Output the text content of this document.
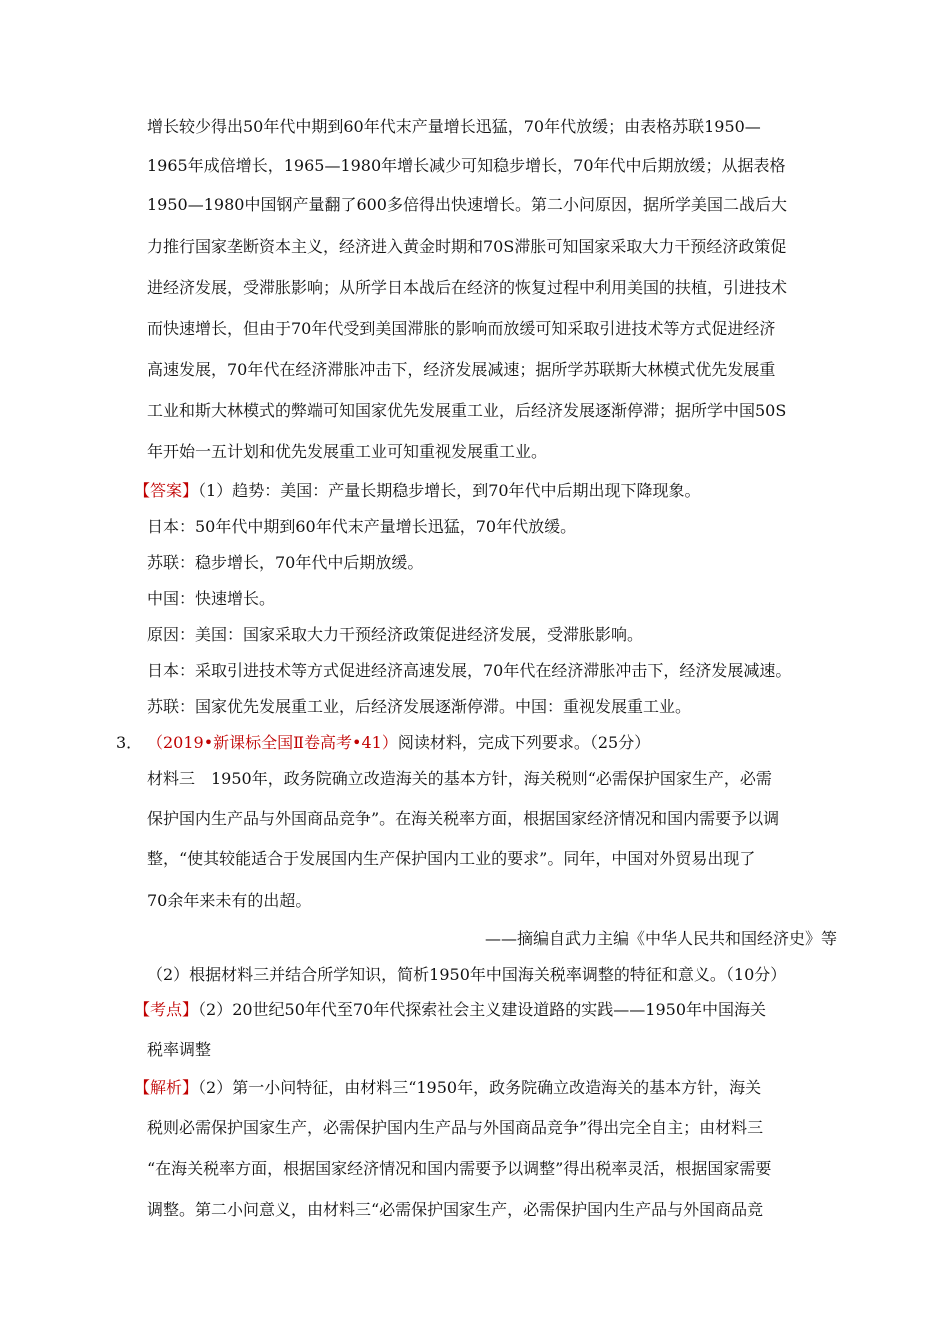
增长较少得出50年代中期到60年代末产量增长迅猛，70年代放缓；由表格苏联1950—
1965年成倍增长，1965—1980年增长减少可知稳步增长，70年代中后期放缓；从据表格
1950—1980中国钢产量翻了600多倍得出快速增长。第二小问原因，据所学美国二战后大
力推行国家垄断资本主义，经济进入黄金时期和70S滞胀可知国家采取大力干预经济政策促
进经济发展，受滞胀影响；从所学日本战后在经济的恢复过程中利用美国的扶植，引进技术
而快速增长，但由于70年代受到美国滞胀的影响而放缓可知采取引进技术等方式促进经济
高速发展，70年代在经济滞胀冲击下，经济发展减速；据所学苏联斯大林模式优先发展重
工业和斯大林模式的弊端可知国家优先发展重工业，后经济发展逐渐停滞；据所学中国50S
年开始一五计划和优先发展重工业可知重视发展重工业。
【答案】（1）趋势：美国：产量长期稳步增长，到70年代中后期出现下降现象。
日本：50年代中期到60年代末产量增长迅猛，70年代放缓。
苏联：稳步增长，70年代中后期放缓。
中国：快速增长。
原因：美国：国家采取大力干预经济政策促进经济发展，受滞胀影响。
日本：采取引进技术等方式促进经济高速发展，70年代在经济滞胀冲击下，经济发展减速。
苏联：国家优先发展重工业，后经济发展逐渐停滞。中国：重视发展重工业。
3． （2019•新课标全国Ⅱ卷高考•41）阅读材料，完成下列要求。（25分）
材料三　1950年，政务院确立改造海关的基本方针，海关税则“必需保护国家生产，必需
保护国内生产品与外国商品竞争”。在海关税率方面，根据国家经济情况和国内需要予以调
整，“使其较能适合于发展国内生产保护国内工业的要求”。同年，中国对外贸易出现了
70余年来未有的出超。
——摘编自武力主编《中华人民共和国经济史》等
（2）根据材料三并结合所学知识，简析1950年中国海关税率调整的特征和意义。（10分）
【考点】（2）20世纪50年代至70年代探索社会主义建设道路的实践——1950年中国海关
税率调整
【解析】（2）第一小问特征，由材料三“1950年，政务院确立改造海关的基本方针，海关
税则必需保护国家生产，必需保护国内生产品与外国商品竞争”得出完全自主；由材料三
“在海关税率方面，根据国家经济情况和国内需要予以调整”得出税率灵活，根据国家需要
调整。第二小问意义，由材料三“必需保护国家生产，必需保护国内生产品与外国商品竞
